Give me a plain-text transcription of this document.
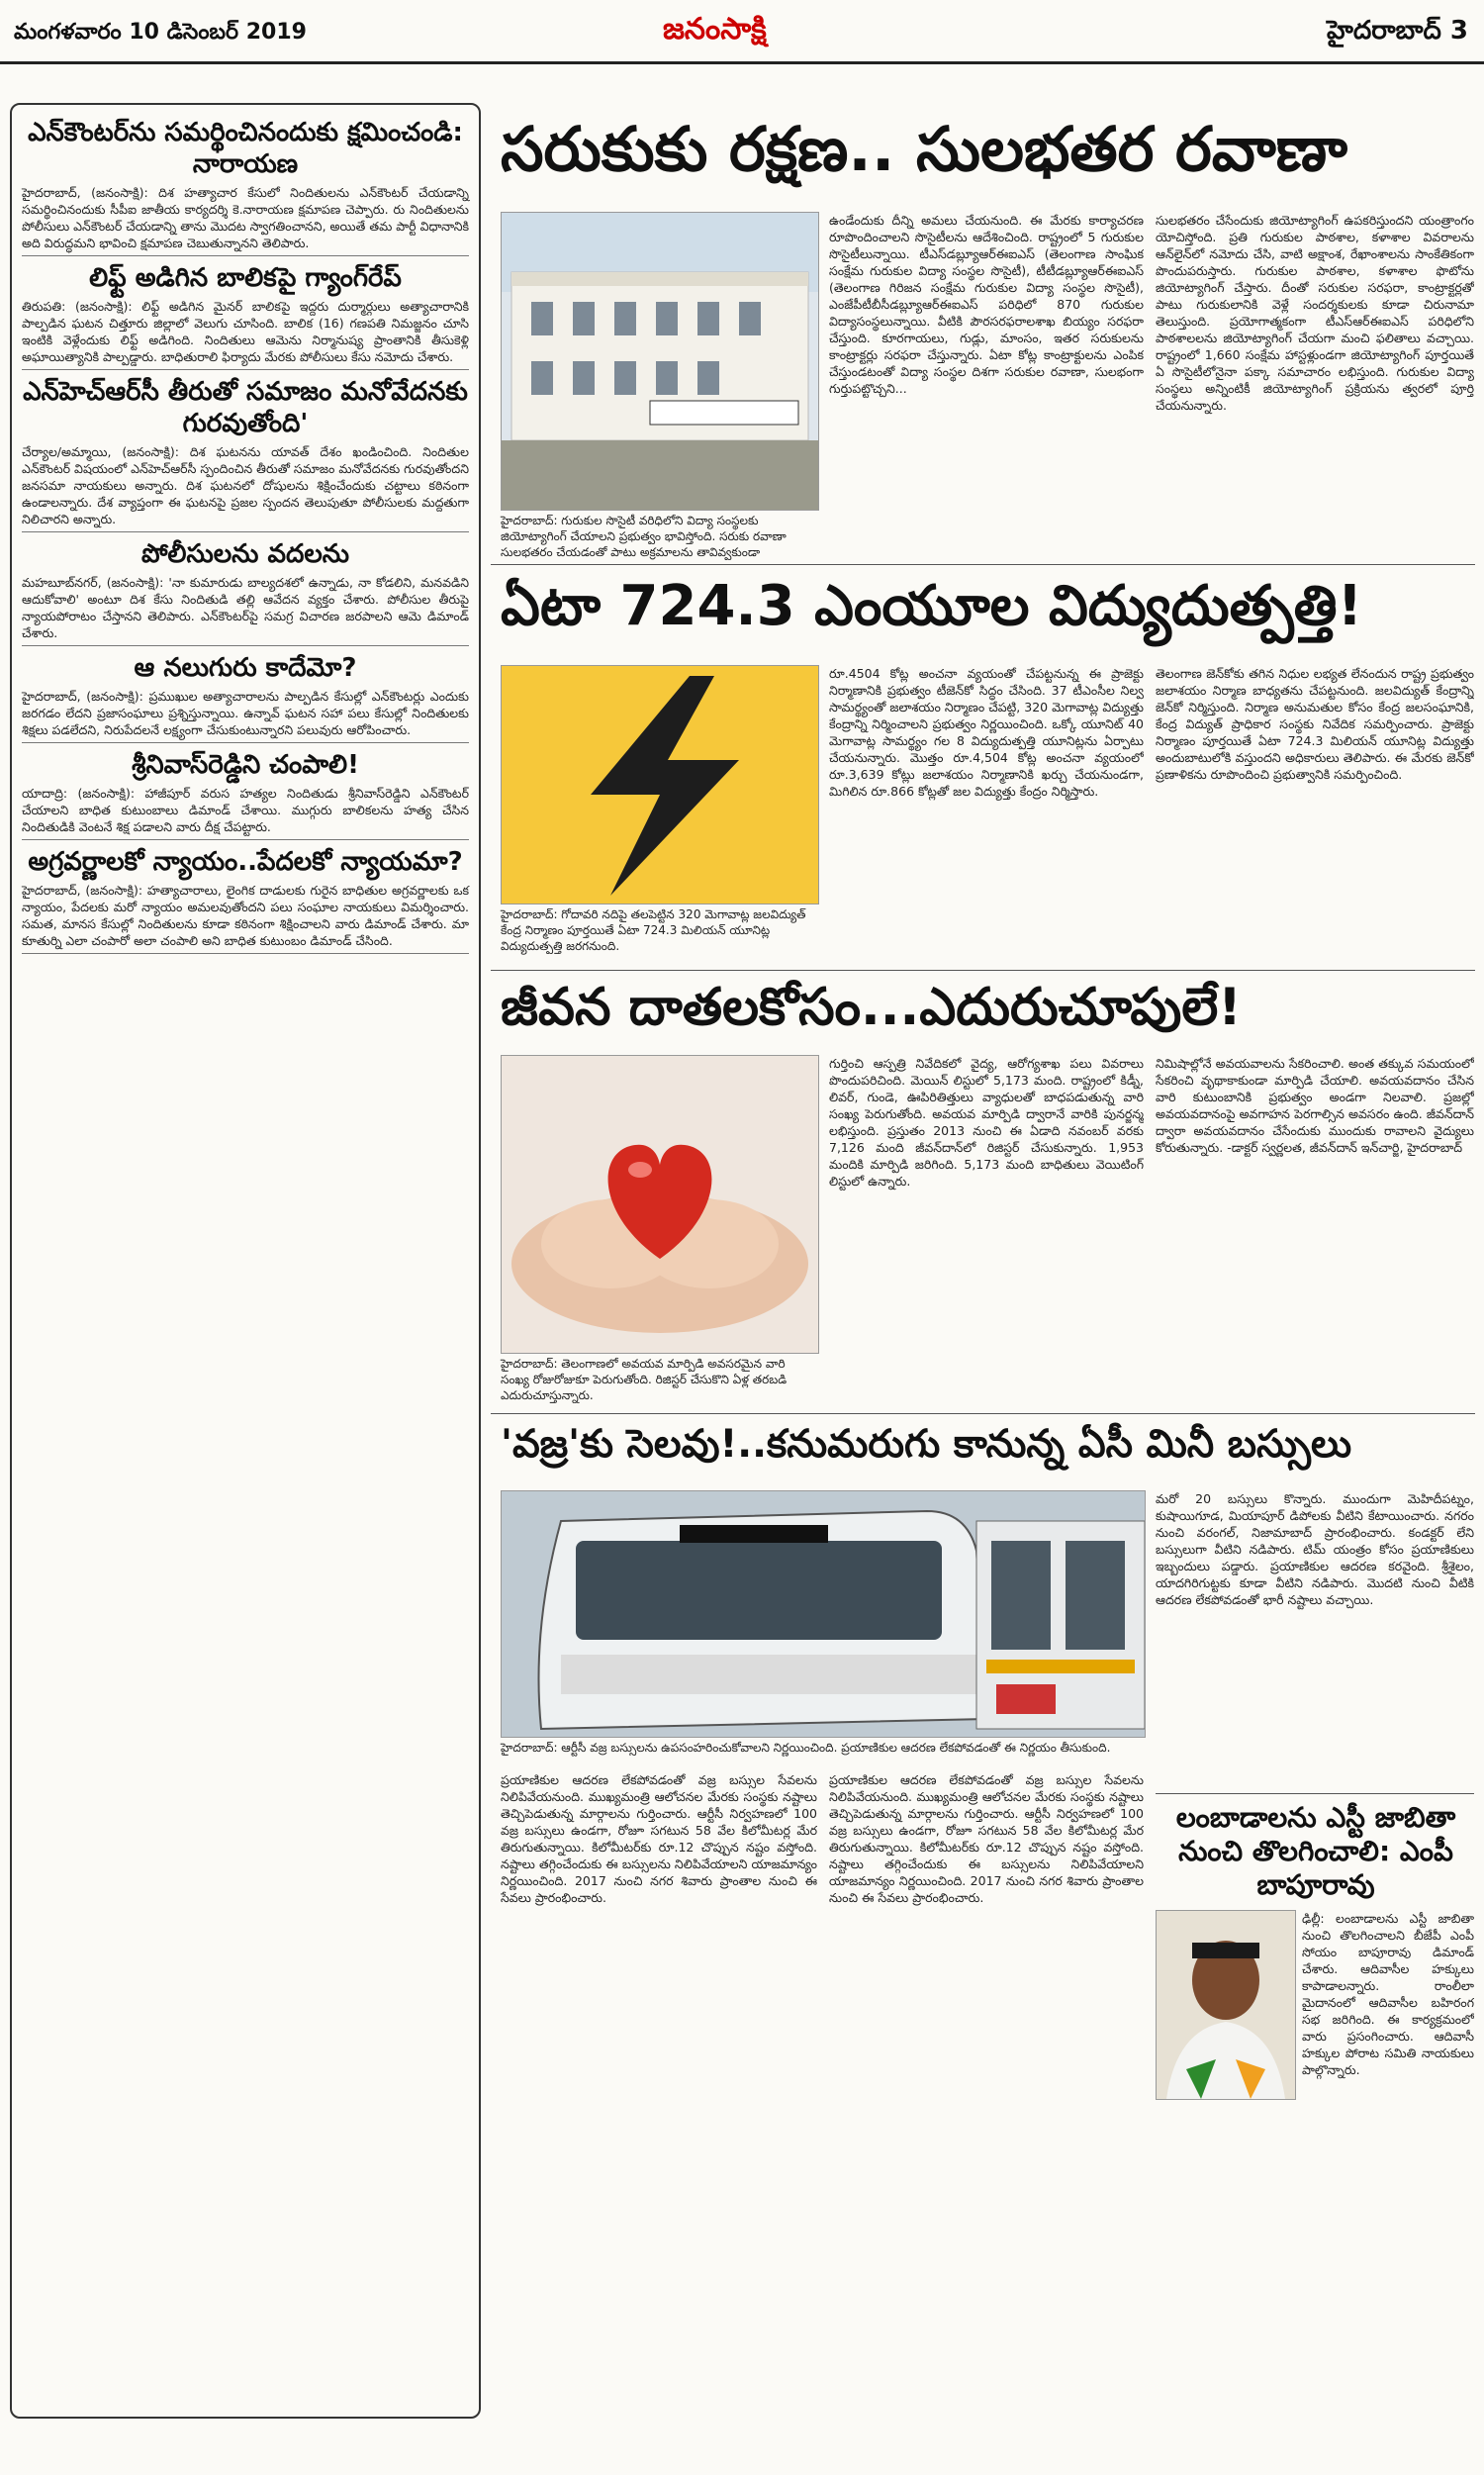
మంగళవారం 10 డిసెంబర్ 2019	జనంసాక్షి	హైదరాబాద్ 3
ఎన్‌కౌంటర్‌ను సమర్థించినందుకు క్షమించండి: నారాయణ

హైదరాబాద్‌, (జనంసాక్షి): దిశ హత్యాచార కేసులో నిందితులను ఎన్‌కౌంటర్‌ చేయడాన్ని సమర్థించినందుకు సీపీఐ జాతీయ కార్యదర్శి కె.నారాయణ క్షమాపణ చెప్పారు. రు నిందితులను పోలీసులు ఎన్‌కౌంటర్‌ చేయడాన్ని తాను మొదట స్వాగతించానని, అయితే తమ పార్టీ విధానానికి అది విరుద్ధమని భావించి క్షమాపణ చెబుతున్నానని తెలిపారు.

లిఫ్ట్‌ అడిగిన బాలికపై గ్యాంగ్‌రేప్‌

తిరుపతి: (జనంసాక్షి): లిఫ్ట్‌ అడిగిన మైనర్‌ బాలికపై ఇద్దరు దుర్మార్గులు అత్యాచారానికి పాల్పడిన ఘటన చిత్తూరు జిల్లాలో వెలుగు చూసింది. బాలిక (16) గణపతి నిమజ్జనం చూసి ఇంటికి వెళ్లేందుకు లిఫ్ట్‌ అడిగింది. నిందితులు ఆమెను నిర్మానుష్య ప్రాంతానికి తీసుకెళ్లి అఘాయిత్యానికి పాల్పడ్డారు. బాధితురాలి ఫిర్యాదు మేరకు పోలీసులు కేసు నమోదు చేశారు.

ఎన్‌హెచ్‌ఆర్‌సీ తీరుతో సమాజం మనోవేదనకు గురవుతోంది'

చేర్యాల/అమ్మాయి, (జనంసాక్షి): దిశ ఘటనను యావత్‌ దేశం ఖండించింది. నిందితుల ఎన్‌కౌంటర్‌ విషయంలో ఎన్‌హెచ్‌ఆర్‌సీ స్పందించిన తీరుతో సమాజం మనోవేదనకు గురవుతోందని జనసమా నాయకులు అన్నారు. దిశ ఘటనలో దోషులను శిక్షించేందుకు చట్టాలు కఠినంగా ఉండాలన్నారు. దేశ వ్యాప్తంగా ఈ ఘటనపై ప్రజల స్పందన తెలుపుతూ పోలీసులకు మద్దతుగా నిలిచారని అన్నారు.

పోలీసులను వదలను

మహబూబ్‌నగర్‌, (జనంసాక్షి): 'నా కుమారుడు బాల్యదశలో ఉన్నాడు, నా కోడలిని, మనవడిని ఆదుకోవాలి' అంటూ దిశ కేసు నిందితుడి తల్లి ఆవేదన వ్యక్తం చేశారు. పోలీసుల తీరుపై న్యాయపోరాటం చేస్తానని తెలిపారు. ఎన్‌కౌంటర్‌పై సమగ్ర విచారణ జరపాలని ఆమె డిమాండ్‌ చేశారు.

ఆ నలుగురు కాదేమో?

హైదరాబాద్‌, (జనంసాక్షి): ప్రముఖుల అత్యాచారాలను పాల్పడిన కేసుల్లో ఎన్‌కౌంటర్లు ఎందుకు జరగడం లేదని ప్రజాసంఘాలు ప్రశ్నిస్తున్నాయి. ఉన్నావ్‌ ఘటన సహా పలు కేసుల్లో నిందితులకు శిక్షలు పడలేదని, నిరుపేదలనే లక్ష్యంగా చేసుకుంటున్నారని పలువురు ఆరోపించారు.

శ్రీనివాస్‌రెడ్డిని చంపాలి!

యాదాద్రి: (జనంసాక్షి): హాజీపూర్‌ వరుస హత్యల నిందితుడు శ్రీనివాస్‌రెడ్డిని ఎన్‌కౌంటర్‌ చేయాలని బాధిత కుటుంబాలు డిమాండ్‌ చేశాయి. ముగ్గురు బాలికలను హత్య చేసిన నిందితుడికి వెంటనే శిక్ష పడాలని వారు దీక్ష చేపట్టారు.

అగ్రవర్ణాలకో న్యాయం..పేదలకో న్యాయమా?

హైదరాబాద్‌, (జనంసాక్షి): హత్యాచారాలు, లైంగిక దాడులకు గురైన బాధితుల అగ్రవర్ణాలకు ఒక న్యాయం, పేదలకు మరో న్యాయం అమలవుతోందని పలు సంఘాల నాయకులు విమర్శించారు. సమత, మానస కేసుల్లో నిందితులను కూడా కఠినంగా శిక్షించాలని వారు డిమాండ్‌ చేశారు. మా కూతుర్ని ఎలా చంపారో అలా చంపాలి అని బాధిత కుటుంబం డిమాండ్‌ చేసింది.

సరుకుకు రక్షణ.. సులభతర రవాణా
హైదరాబాద్‌: గురుకుల సొసైటీ వరిధిలోని విద్యా సంస్థలకు జియోట్యాగింగ్‌ చేయాలని ప్రభుత్వం భావిస్తోంది. సరుకు రవాణా సులభతరం చేయడంతో పాటు అక్రమాలను తావివ్వకుండా
ఉండేందుకు దీన్ని అమలు చేయనుంది. ఈ మేరకు కార్యాచరణ రూపొందించాలని సొసైటీలను ఆదేశించింది. రాష్ట్రంలో 5 గురుకుల సొసైటీలున్నాయి. టీఎస్‌డబ్ల్యూఆర్‌ఈఐఎస్‌ (తెలంగాణ సాంఘిక సంక్షేమ గురుకుల విద్యా సంస్థల సొసైటీ), టీటీడబ్ల్యూఆర్‌ఈఐఎస్‌ (తెలంగాణ గిరిజన సంక్షేమ గురుకుల విద్యా సంస్థల సొసైటీ), ఎంజేపీటీబీసీడబ్ల్యూఆర్‌ఈఐఎస్‌ పరిధిలో 870 గురుకుల విద్యాసంస్థలున్నాయి. వీటికి పౌరసరఫరాలశాఖ బియ్యం సరఫరా చేస్తుంది. కూరగాయలు, గుడ్లు, మాంసం, ఇతర సరుకులను కాంట్రాక్టర్లు సరఫరా చేస్తున్నారు. ఏటా కోట్ల కాంట్రాక్టులను ఎంపిక చేస్తుండటంతో విద్యా సంస్థల దిశగా సరుకుల రవాణా, సులభంగా గుర్తుపట్టొచ్చని...
సులభతరం చేసేందుకు జియోట్యాగింగ్‌ ఉపకరిస్తుందని యంత్రాంగం యోచిస్తోంది. ప్రతి గురుకుల పాఠశాల, కళాశాల వివరాలను ఆన్‌లైన్‌లో నమోదు చేసి, వాటి అక్షాంశ, రేఖాంశాలను సాంకేతికంగా పొందుపరుస్తారు. గురుకుల పాఠశాల, కళాశాల ఫొటోను జియోట్యాగింగ్‌ చేస్తారు. దీంతో సరుకుల సరఫరా, కాంట్రాక్టర్లతో పాటు గురుకులానికి వెళ్లే సందర్శకులకు కూడా చిరునామా తెలుస్తుంది. ప్రయోగాత్మకంగా టీఎస్‌ఆర్‌ఈఐఎస్‌ పరిధిలోని పాఠశాలలను జియోట్యాగింగ్‌ చేయగా మంచి ఫలితాలు వచ్చాయి. రాష్ట్రంలో 1,660 సంక్షేమ హాస్టళ్లుండగా జియోట్యాగింగ్‌ పూర్తయితే ఏ సొసైటీలోనైనా పక్కా సమాచారం లభిస్తుంది. గురుకుల విద్యా సంస్థలు అన్నింటికీ జియోట్యాగింగ్‌ ప్రక్రియను త్వరలో పూర్తి చేయనున్నారు.
ఏటా 724.3 ఎంయూల విద్యుదుత్పత్తి!
హైదరాబాద్‌: గోదావరి నదిపై తలపెట్టిన 320 మెగావాట్ల జలవిద్యుత్‌ కేంద్ర నిర్మాణం పూర్తయితే ఏటా 724.3 మిలియన్‌ యూనిట్ల విద్యుదుత్పత్తి జరగనుంది.
రూ.4504 కోట్ల అంచనా వ్యయంతో చేపట్టనున్న ఈ ప్రాజెక్టు నిర్మాణానికి ప్రభుత్వం టీజెన్‌కో సిద్ధం చేసింది. 37 టీఎంసీల నిల్వ సామర్థ్యంతో జలాశయం నిర్మాణం చేపట్టి, 320 మెగావాట్ల విద్యుత్తు కేంద్రాన్ని నిర్మించాలని ప్రభుత్వం నిర్ణయించింది. ఒక్కో యూనిట్‌ 40 మెగావాట్ల సామర్థ్యం గల 8 విద్యుదుత్పత్తి యూనిట్లను ఏర్పాటు చేయనున్నారు. మొత్తం రూ.4,504 కోట్ల అంచనా వ్యయంలో రూ.3,639 కోట్లు జలాశయం నిర్మాణానికి ఖర్చు చేయనుండగా, మిగిలిన రూ.866 కోట్లతో జల విద్యుత్తు కేంద్రం నిర్మిస్తారు.
తెలంగాణ జెన్‌కోకు తగిన నిధుల లభ్యత లేనందున రాష్ట్ర ప్రభుత్వం జలాశయం నిర్మాణ బాధ్యతను చేపట్టనుంది. జలవిద్యుత్‌ కేంద్రాన్ని జెన్‌కో నిర్మిస్తుంది. నిర్మాణ అనుమతుల కోసం కేంద్ర జలసంఘానికి, కేంద్ర విద్యుత్‌ ప్రాధికార సంస్థకు నివేదిక సమర్పించారు. ప్రాజెక్టు నిర్మాణం పూర్తయితే ఏటా 724.3 మిలియన్‌ యూనిట్ల విద్యుత్తు అందుబాటులోకి వస్తుందని అధికారులు తెలిపారు. ఈ మేరకు జెన్‌కో ప్రణాళికను రూపొందించి ప్రభుత్వానికి సమర్పించింది.
జీవన దాతలకోసం...ఎదురుచూపులే!
హైదరాబాద్‌: తెలంగాణలో అవయవ మార్పిడి అవసరమైన వారి సంఖ్య రోజురోజుకూ పెరుగుతోంది. రిజిస్టర్‌ చేసుకొని ఏళ్ల తరబడి ఎదురుచూస్తున్నారు.
గుర్తించి ఆస్పత్రి నివేదికలో వైద్య, ఆరోగ్యశాఖ పలు వివరాలు పొందుపరిచింది. మెయిన్‌ లిస్టులో 5,173 మంది. రాష్ట్రంలో కిడ్నీ, లివర్‌, గుండె, ఊపిరితిత్తులు వ్యాధులతో బాధపడుతున్న వారి సంఖ్య పెరుగుతోంది. అవయవ మార్పిడి ద్వారానే వారికి పునర్జన్మ లభిస్తుంది. ప్రస్తుతం 2013 నుంచి ఈ ఏడాది నవంబర్‌ వరకు 7,126 మంది జీవన్‌దాన్‌లో రిజిస్టర్‌ చేసుకున్నారు. 1,953 మందికి మార్పిడి జరిగింది. 5,173 మంది బాధితులు వెయిటింగ్‌ లిస్టులో ఉన్నారు.
నిమిషాల్లోనే అవయవాలను సేకరించాలి. అంత తక్కువ సమయంలో సేకరించి వృథాకాకుండా మార్పిడి చేయాలి. అవయవదానం చేసిన వారి కుటుంబానికి ప్రభుత్వం అండగా నిలవాలి. ప్రజల్లో అవయవదానంపై అవగాహన పెరగాల్సిన అవసరం ఉంది. జీవన్‌దాన్‌ ద్వారా అవయవదానం చేసేందుకు ముందుకు రావాలని వైద్యులు కోరుతున్నారు. -డాక్టర్‌ స్వర్ణలత, జీవన్‌దాన్‌ ఇన్‌చార్జి, హైదరాబాద్‌
'వజ్ర'కు సెలవు!..కనుమరుగు కానున్న ఏసీ మినీ బస్సులు
హైదరాబాద్‌: ఆర్టీసీ వజ్ర బస్సులను ఉపసంహరించుకోవాలని నిర్ణయించింది. ప్రయాణికుల ఆదరణ లేకపోవడంతో ఈ నిర్ణయం తీసుకుంది.
ప్రయాణికుల ఆదరణ లేకపోవడంతో వజ్ర బస్సుల సేవలను నిలిపివేయనుంది. ముఖ్యమంత్రి ఆలోచనల మేరకు సంస్థకు నష్టాలు తెచ్చిపెడుతున్న మార్గాలను గుర్తించారు. ఆర్టీసీ నిర్వహణలో 100 వజ్ర బస్సులు ఉండగా, రోజూ సగటున 58 వేల కిలోమీటర్ల మేర తిరుగుతున్నాయి. కిలోమీటర్‌కు రూ.12 చొప్పున నష్టం వస్తోంది. నష్టాలు తగ్గించేందుకు ఈ బస్సులను నిలిపివేయాలని యాజమాన్యం నిర్ణయించింది. 2017 నుంచి నగర శివారు ప్రాంతాల నుంచి ఈ సేవలు ప్రారంభించారు.
మరో 20 బస్సులు కొన్నారు. ముందుగా మెహిదీపట్నం, కుషాయిగూడ, మియాపూర్‌ డిపోలకు వీటిని కేటాయించారు. నగరం నుంచి వరంగల్‌, నిజామాబాద్‌ ప్రారంభించారు. కండక్టర్‌ లేని బస్సులుగా వీటిని నడిపారు. టిమ్‌ యంత్రం కోసం ప్రయాణికులు ఇబ్బందులు పడ్డారు. ప్రయాణికుల ఆదరణ కరవైంది. శ్రీశైలం, యాదగిరిగుట్టకు కూడా వీటిని నడిపారు. మొదటి నుంచి వీటికి ఆదరణ లేకపోవడంతో భారీ నష్టాలు వచ్చాయి.

ప్రయాణికుల ఆదరణ లేకపోవడంతో వజ్ర బస్సుల సేవలను నిలిపివేయనుంది. ముఖ్యమంత్రి ఆలోచనల మేరకు సంస్థకు నష్టాలు తెచ్చిపెడుతున్న మార్గాలను గుర్తించారు. ఆర్టీసీ నిర్వహణలో 100 వజ్ర బస్సులు ఉండగా, రోజూ సగటున 58 వేల కిలోమీటర్ల మేర తిరుగుతున్నాయి. కిలోమీటర్‌కు రూ.12 చొప్పున నష్టం వస్తోంది. నష్టాలు తగ్గించేందుకు ఈ బస్సులను నిలిపివేయాలని యాజమాన్యం నిర్ణయించింది. 2017 నుంచి నగర శివారు ప్రాంతాల నుంచి ఈ సేవలు ప్రారంభించారు.

లంబాడాలను ఎస్టీ జాబితా నుంచి తొలగించాలి: ఎంపీ బాపూరావు
ఢిల్లీ: లంబాడాలను ఎస్టీ జాబితా నుంచి తొలగించాలని బీజేపీ ఎంపీ సోయం బాపూరావు డిమాండ్‌ చేశారు. ఆదివాసీల హక్కులు కాపాడాలన్నారు. రాంలీలా మైదానంలో ఆదివాసీల బహిరంగ సభ జరిగింది. ఈ కార్యక్రమంలో వారు ప్రసంగించారు. ఆదివాసీ హక్కుల పోరాట సమితి నాయకులు పాల్గొన్నారు.
